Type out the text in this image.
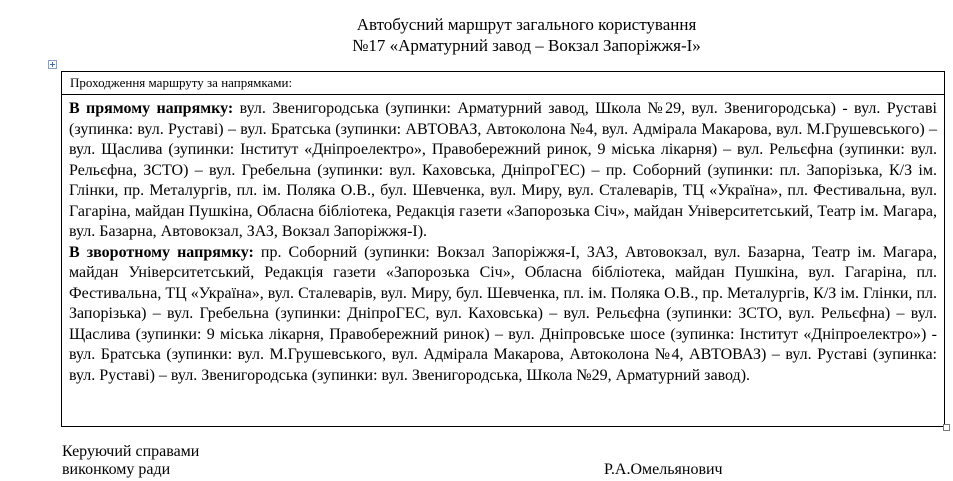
Автобусний маршрут загального користування
№17 «Арматурний завод – Вокзал Запоріжжя-I»
Проходження маршруту за напрямками:

В прямому напрямку: вул. Звенигородська (зупинки: Арматурний завод, Школа №29, вул. Звенигородська) - вул. Руставі (зупинка: вул. Руставі) – вул. Братська (зупинки: АВТОВАЗ, Автоколона №4, вул. Адмірала Макарова, вул. М.Грушевського) – вул. Щаслива (зупинки: Інститут «Дніпроелектро», Правобережний ринок, 9 міська лікарня) – вул. Рельєфна (зупинки: вул. Рельєфна, ЗСТО) – вул. Гребельна (зупинки: вул. Каховська, ДніпроГЕС) – пр. Соборний (зупинки: пл. Запорізька, К/З ім. Глінки, пр. Металургів, пл. ім. Поляка О.В., бул. Шевченка, вул. Миру, вул. Сталеварів, ТЦ «Україна», пл. Фестивальна, вул. Гагаріна, майдан Пушкіна, Обласна бібліотека, Редакція газети «Запорозька Січ», майдан Університетський, Театр ім. Магара, вул. Базарна, Автовокзал, ЗАЗ, Вокзал Запоріжжя-I).

В зворотному напрямку: пр. Соборний (зупинки: Вокзал Запоріжжя-I, ЗАЗ, Автовокзал, вул. Базарна, Театр ім. Магара, майдан Університетський, Редакція газети «Запорозька Січ», Обласна бібліотека, майдан Пушкіна, вул. Гагаріна, пл. Фестивальна, ТЦ «Україна», вул. Сталеварів, вул. Миру, бул. Шевченка, пл. ім. Поляка О.В., пр. Металургів, К/З ім. Глінки, пл. Запорізька) – вул. Гребельна (зупинки: ДніпроГЕС, вул. Каховська) – вул. Рельєфна (зупинки: ЗСТО, вул. Рельєфна) – вул. Щаслива (зупинки: 9 міська лікарня, Правобережний ринок) – вул. Дніпровське шосе (зупинка: Інститут «Дніпроелектро») - вул. Братська (зупинки: вул. М.Грушевського, вул. Адмірала Макарова, Автоколона №4, АВТОВАЗ) – вул. Руставі (зупинка: вул. Руставі) – вул. Звенигородська (зупинки: вул. Звенигородська, Школа №29, Арматурний завод).

Керуючий справами
виконкому ради	Р.А.Омельянович
